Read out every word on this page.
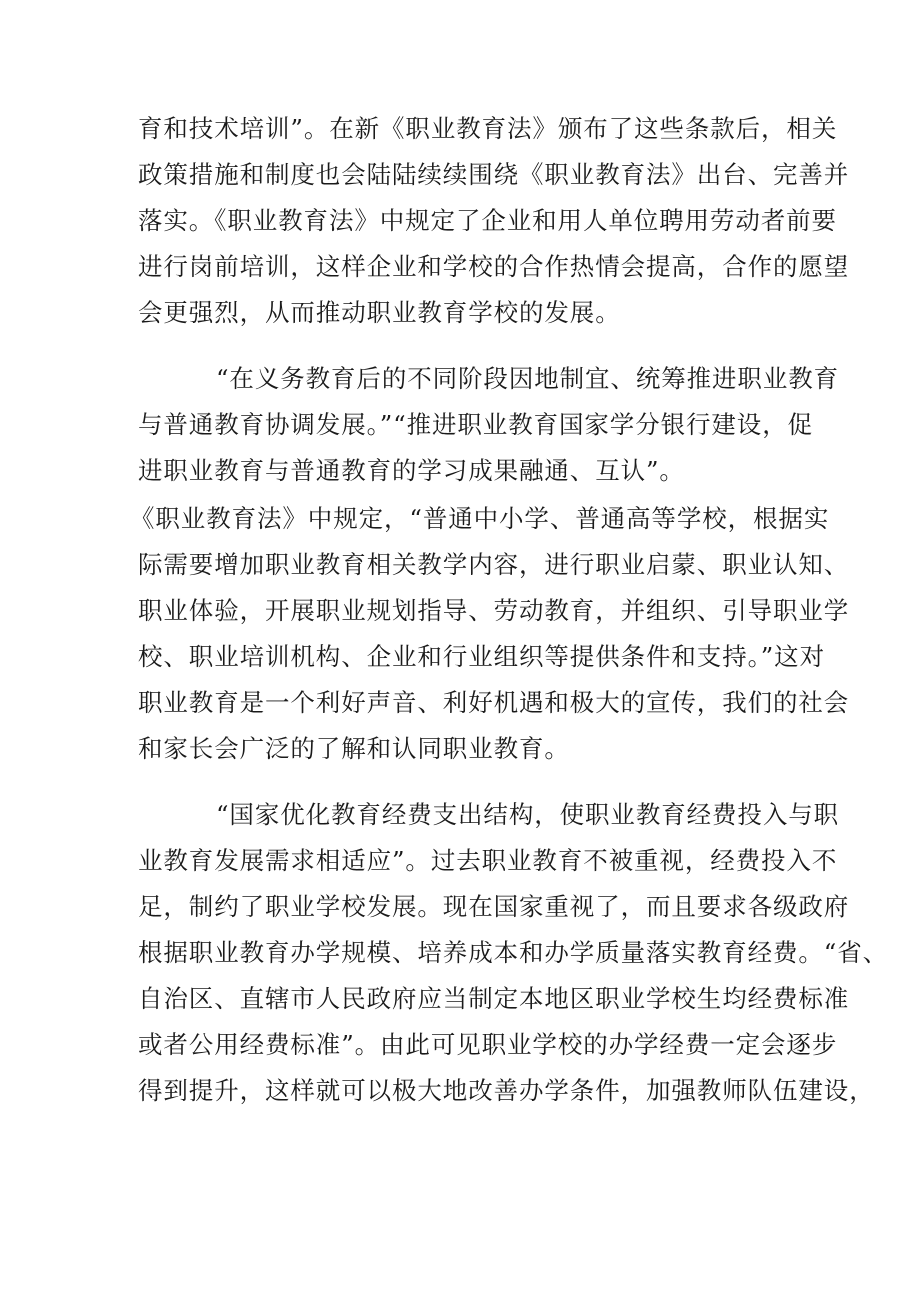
育和技术培训”。在新《职业教育法》颁布了这些条款后，相关
政策措施和制度也会陆陆续续围绕《职业教育法》出台、完善并
落实。《职业教育法》中规定了企业和用人单位聘用劳动者前要
进行岗前培训，这样企业和学校的合作热情会提高，合作的愿望
会更强烈，从而推动职业教育学校的发展。
“在义务教育后的不同阶段因地制宜、统筹推进职业教育
与普通教育协调发展。”“推进职业教育国家学分银行建设，促
进职业教育与普通教育的学习成果融通、互认”。
《职业教育法》中规定，“普通中小学、普通高等学校，根据实
际需要增加职业教育相关教学内容，进行职业启蒙、职业认知、
职业体验，开展职业规划指导、劳动教育，并组织、引导职业学
校、职业培训机构、企业和行业组织等提供条件和支持。”这对
职业教育是一个利好声音、利好机遇和极大的宣传，我们的社会
和家长会广泛的了解和认同职业教育。
“国家优化教育经费支出结构，使职业教育经费投入与职
业教育发展需求相适应”。过去职业教育不被重视，经费投入不
足，制约了职业学校发展。现在国家重视了，而且要求各级政府
根据职业教育办学规模、培养成本和办学质量落实教育经费。“省、
自治区、直辖市人民政府应当制定本地区职业学校生均经费标准
或者公用经费标准”。由此可见职业学校的办学经费一定会逐步
得到提升，这样就可以极大地改善办学条件，加强教师队伍建设，
